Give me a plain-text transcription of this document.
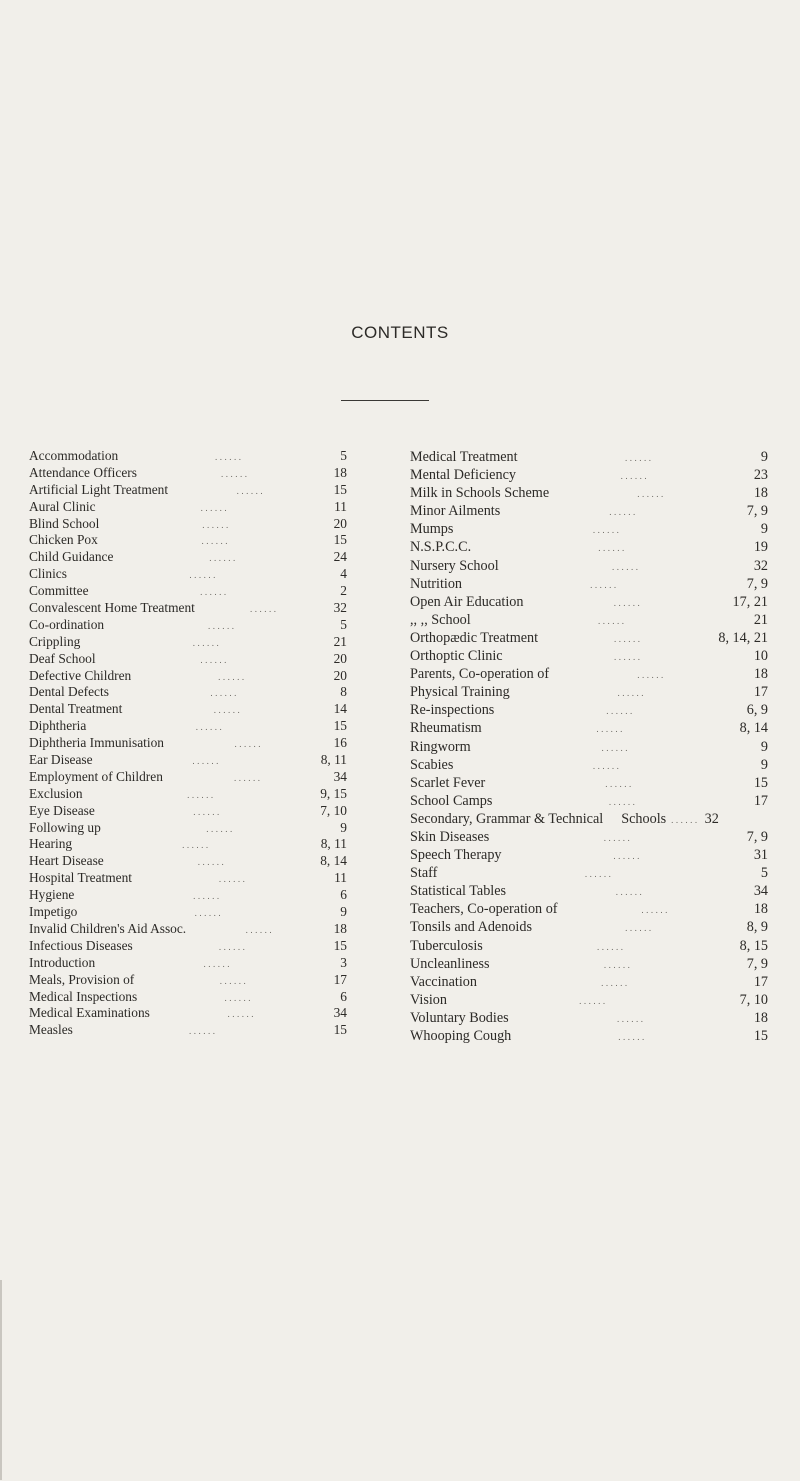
CONTENTS
Accommodation ......	5
Attendance Officers ......	18
Artificial Light Treatment ......	15
Aural Clinic ......	11
Blind School ......	20
Chicken Pox ......	15
Child Guidance ......	24
Clinics ......	4
Committee ......	2
Convalescent Home Treatment ......	32
Co-ordination ......	5
Crippling ......	21
Deaf School ......	20
Defective Children ......	20
Dental Defects ......	8
Dental Treatment ......	14
Diphtheria ......	15
Diphtheria Immunisation ......	16
Ear Disease ......	8, 11
Employment of Children ......	34
Exclusion ......	9, 15
Eye Disease ......	7, 10
Following up ......	9
Hearing ......	8, 11
Heart Disease ......	8, 14
Hospital Treatment ......	11
Hygiene ......	6
Impetigo ......	9
Invalid Children's Aid Assoc. ......	18
Infectious Diseases ......	15
Introduction ......	3
Meals, Provision of ......	17
Medical Inspections ......	6
Medical Examinations ......	34
Measles ......	15
Medical Treatment ......	9
Mental Deficiency ......	23
Milk in Schools Scheme ......	18
Minor Ailments ......	7, 9
Mumps ......	9
N.S.P.C.C. ......	19
Nursery School ......	32
Nutrition ......	7, 9
Open Air Education ......	17, 21
,, ,, School ......	21
Orthopædic Treatment ......	8, 14, 21
Orthoptic Clinic ......	10
Parents, Co-operation of ......	18
Physical Training ......	17
Re-inspections ......	6, 9
Rheumatism ......	8, 14
Ringworm ......	9
Scabies ......	9
Scarlet Fever ......	15
School Camps ......	17
Secondary, Grammar & Technical Schools ......	32
Skin Diseases ......	7, 9
Speech Therapy ......	31
Staff ......	5
Statistical Tables ......	34
Teachers, Co-operation of ......	18
Tonsils and Adenoids ......	8, 9
Tuberculosis ......	8, 15
Uncleanliness ......	7, 9
Vaccination ......	17
Vision ......	7, 10
Voluntary Bodies ......	18
Whooping Cough ......	15
